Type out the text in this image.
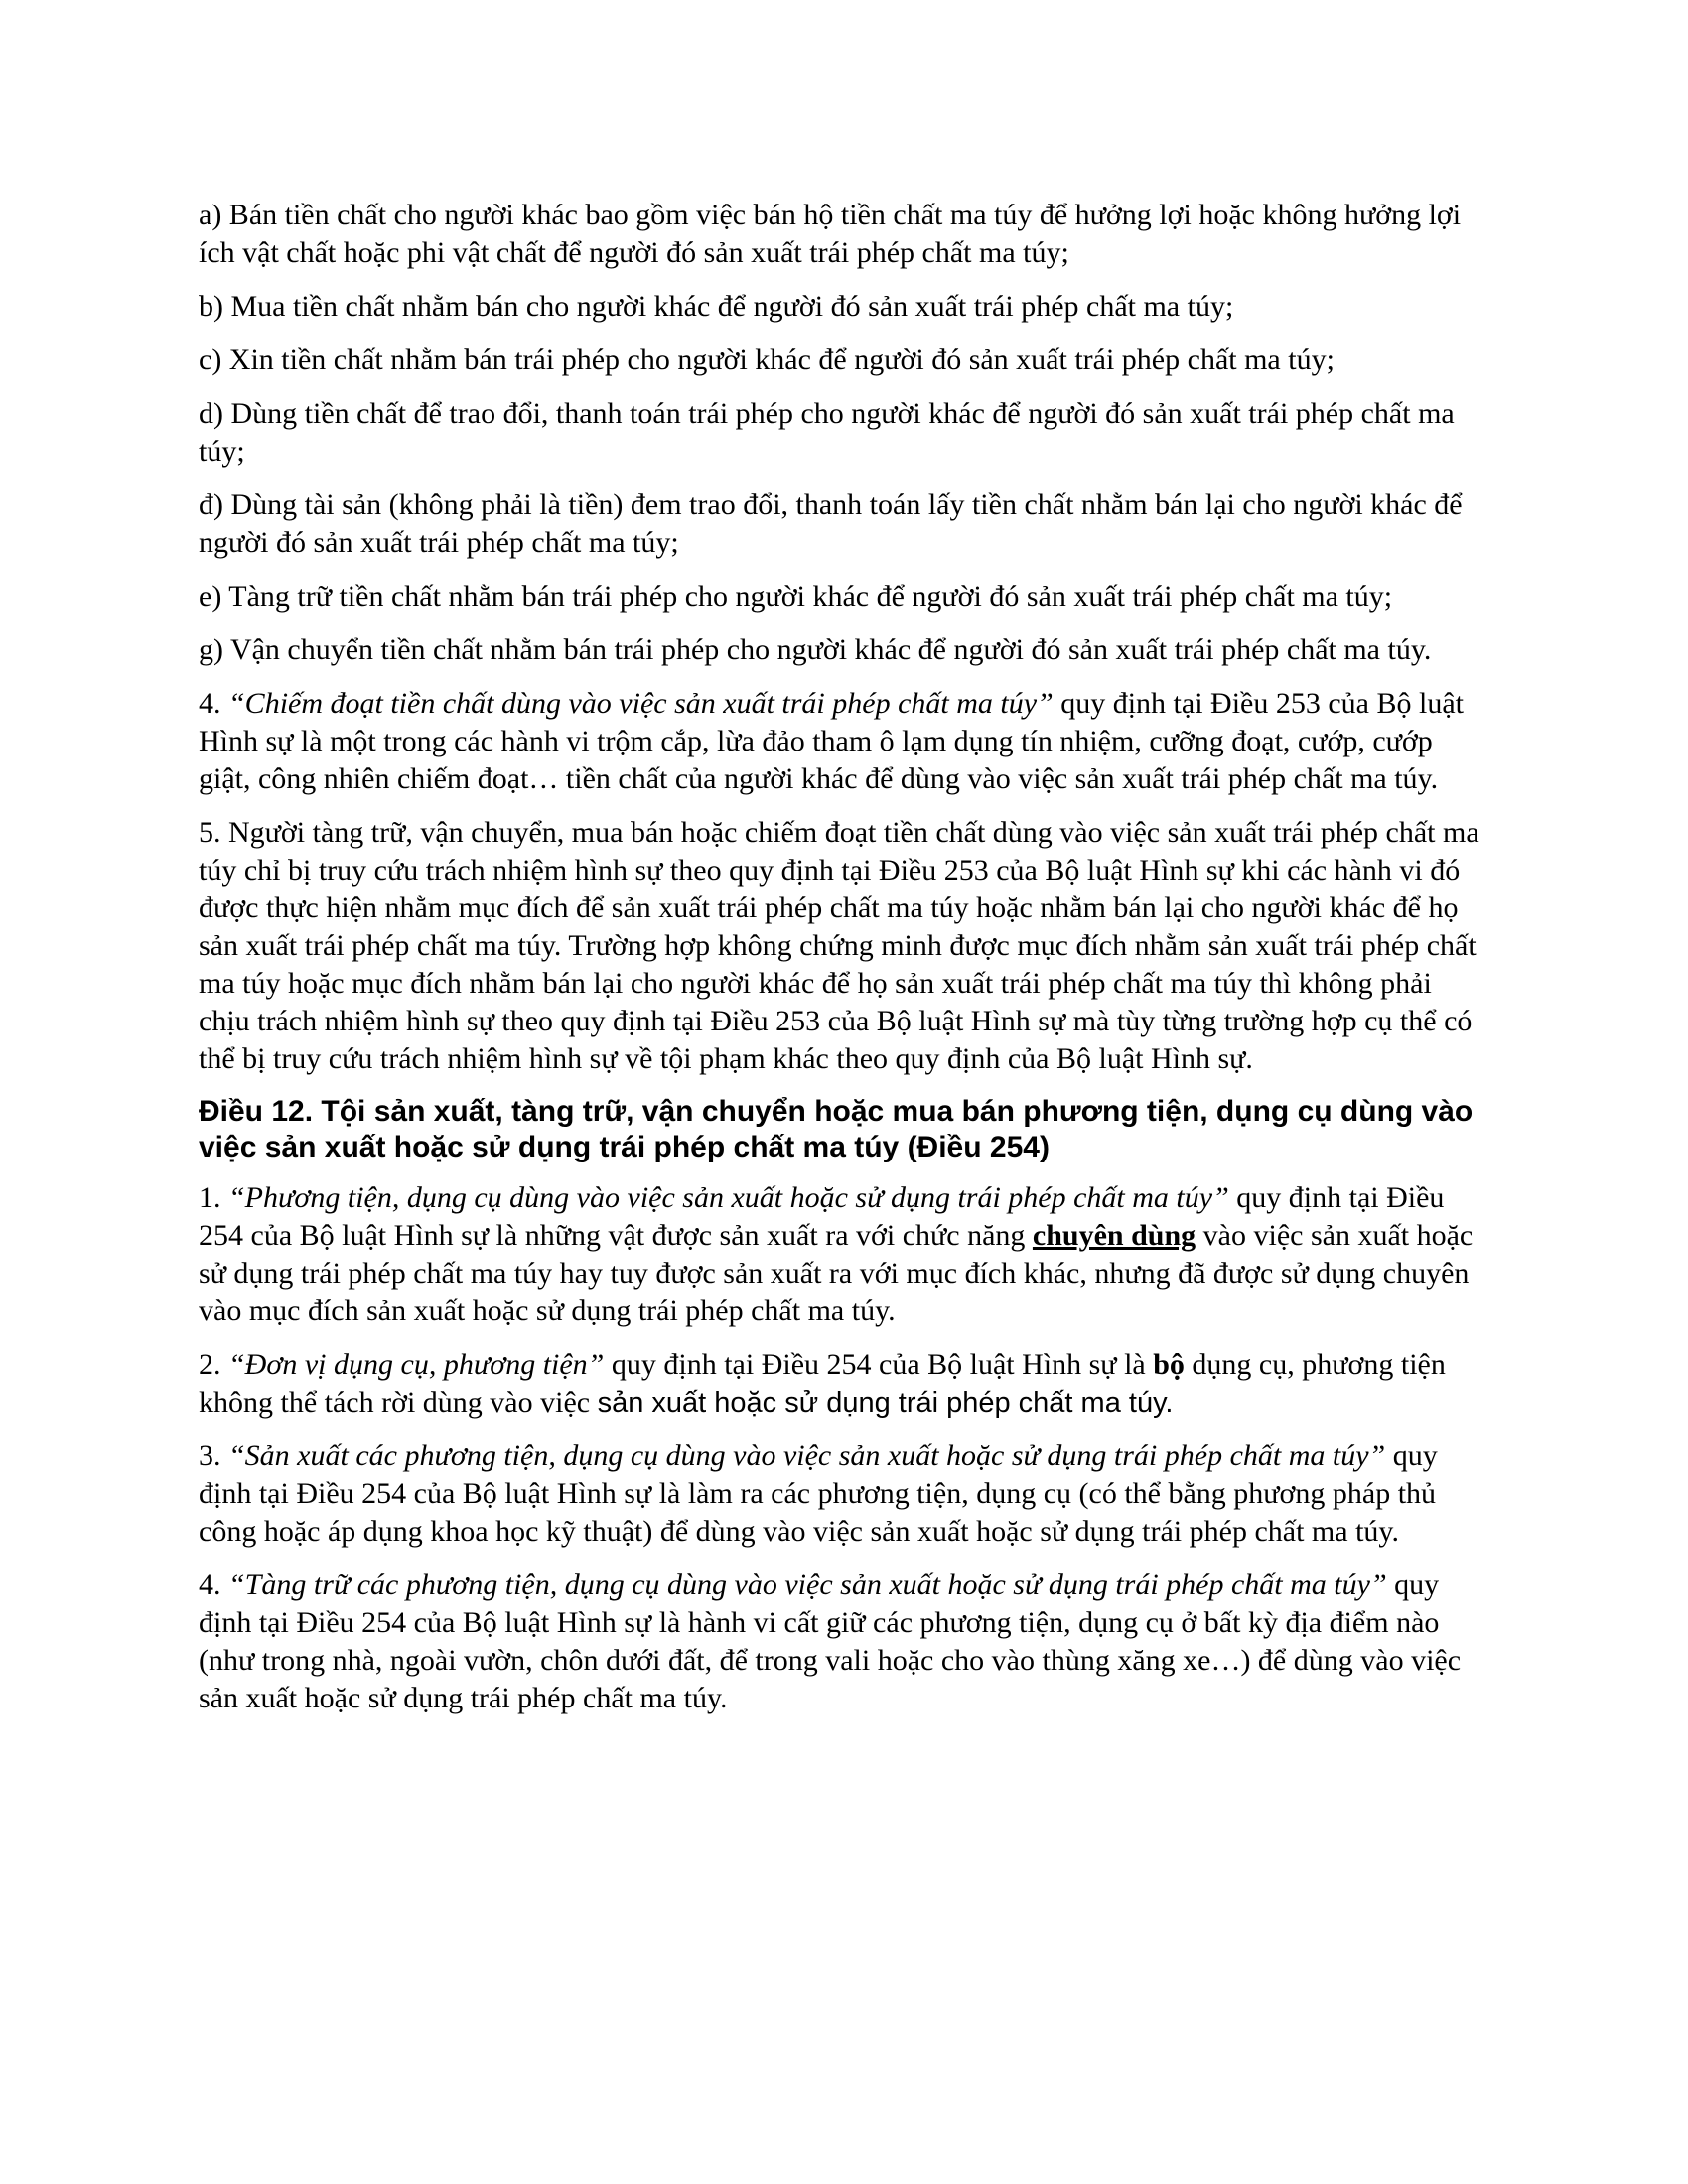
a) Bán tiền chất cho người khác bao gồm việc bán hộ tiền chất ma túy để hưởng lợi hoặc không hưởng lợi ích vật chất hoặc phi vật chất để người đó sản xuất trái phép chất ma túy;

b) Mua tiền chất nhằm bán cho người khác để người đó sản xuất trái phép chất ma túy;

c) Xin tiền chất nhằm bán trái phép cho người khác để người đó sản xuất trái phép chất ma túy;

d) Dùng tiền chất để trao đổi, thanh toán trái phép cho người khác để người đó sản xuất trái phép chất ma túy;

đ) Dùng tài sản (không phải là tiền) đem trao đổi, thanh toán lấy tiền chất nhằm bán lại cho người khác để người đó sản xuất trái phép chất ma túy;

e) Tàng trữ tiền chất nhằm bán trái phép cho người khác để người đó sản xuất trái phép chất ma túy;

g) Vận chuyển tiền chất nhằm bán trái phép cho người khác để người đó sản xuất trái phép chất ma túy.

4. “Chiếm đoạt tiền chất dùng vào việc sản xuất trái phép chất ma túy” quy định tại Điều 253 của Bộ luật Hình sự là một trong các hành vi trộm cắp, lừa đảo tham ô lạm dụng tín nhiệm, cưỡng đoạt, cướp, cướp giật, công nhiên chiếm đoạt… tiền chất của người khác để dùng vào việc sản xuất trái phép chất ma túy.

5. Người tàng trữ, vận chuyển, mua bán hoặc chiếm đoạt tiền chất dùng vào việc sản xuất trái phép chất ma túy chỉ bị truy cứu trách nhiệm hình sự theo quy định tại Điều 253 của Bộ luật Hình sự khi các hành vi đó được thực hiện nhằm mục đích để sản xuất trái phép chất ma túy hoặc nhằm bán lại cho người khác để họ sản xuất trái phép chất ma túy. Trường hợp không chứng minh được mục đích nhằm sản xuất trái phép chất ma túy hoặc mục đích nhằm bán lại cho người khác để họ sản xuất trái phép chất ma túy thì không phải chịu trách nhiệm hình sự theo quy định tại Điều 253 của Bộ luật Hình sự mà tùy từng trường hợp cụ thể có thể bị truy cứu trách nhiệm hình sự về tội phạm khác theo quy định của Bộ luật Hình sự.

Điều 12. Tội sản xuất, tàng trữ, vận chuyển hoặc mua bán phương tiện, dụng cụ dùng vào việc sản xuất hoặc sử dụng trái phép chất ma túy (Điều 254)

1. “Phương tiện, dụng cụ dùng vào việc sản xuất hoặc sử dụng trái phép chất ma túy” quy định tại Điều 254 của Bộ luật Hình sự là những vật được sản xuất ra với chức năng chuyên dùng vào việc sản xuất hoặc sử dụng trái phép chất ma túy hay tuy được sản xuất ra với mục đích khác, nhưng đã được sử dụng chuyên vào mục đích sản xuất hoặc sử dụng trái phép chất ma túy.

2. “Đơn vị dụng cụ, phương tiện” quy định tại Điều 254 của Bộ luật Hình sự là bộ dụng cụ, phương tiện không thể tách rời dùng vào việc sản xuất hoặc sử dụng trái phép chất ma túy.

3. “Sản xuất các phương tiện, dụng cụ dùng vào việc sản xuất hoặc sử dụng trái phép chất ma túy” quy định tại Điều 254 của Bộ luật Hình sự là làm ra các phương tiện, dụng cụ (có thể bằng phương pháp thủ công hoặc áp dụng khoa học kỹ thuật) để dùng vào việc sản xuất hoặc sử dụng trái phép chất ma túy.

4. “Tàng trữ các phương tiện, dụng cụ dùng vào việc sản xuất hoặc sử dụng trái phép chất ma túy” quy định tại Điều 254 của Bộ luật Hình sự là hành vi cất giữ các phương tiện, dụng cụ ở bất kỳ địa điểm nào (như trong nhà, ngoài vườn, chôn dưới đất, để trong vali hoặc cho vào thùng xăng xe…) để dùng vào việc sản xuất hoặc sử dụng trái phép chất ma túy.
